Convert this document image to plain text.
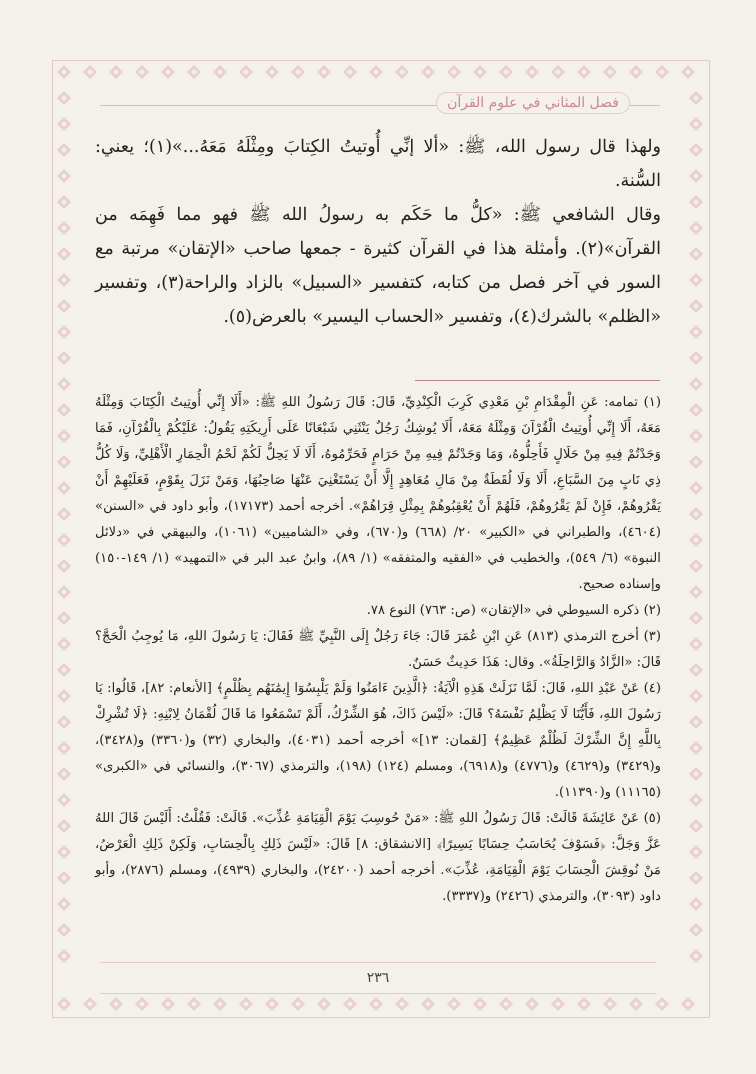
فصل المثاني في علوم القرآن

ولهذا قال رسول الله، ﷺ: «ألا إنِّي أُوتيتُ الكِتابَ ومِثْلَهُ مَعَهُ...»(١)؛ يعني: السُّنة.

وقال الشافعي ﷺ: «كلُّ ما حَكَم به رسولُ الله ﷺ فهو مما فَهِمَه من القرآن»(٢). وأمثلة هذا في القرآن كثيرة - جمعها صاحب «الإتقان» مرتبة مع السور في آخر فصل من كتابه، كتفسير «السبيل» بالزاد والراحة(٣)، وتفسير «الظلم» بالشرك(٤)، وتفسير «الحساب اليسير» بالعرض(٥).

(١) تمامه: عَنِ الْمِقْدَامِ بْنِ مَعْدِي كَرِبَ الْكِنْدِيِّ، قَالَ: قَالَ رَسُولُ اللهِ ﷺ: «أَلَا إِنِّي أُوتِيتُ الْكِتَابَ وَمِثْلَهُ مَعَهُ، أَلَا إِنِّي أُوتِيتُ الْقُرْآنَ وَمِثْلَهُ مَعَهُ، أَلَا يُوشِكُ رَجُلٌ يَنْثَنِي شَبْعَانًا عَلَى أَرِيكَتِهِ يَقُولُ: عَلَيْكُمْ بِالْقُرْآنِ، فَمَا وَجَدْتُمْ فِيهِ مِنْ حَلَالٍ فَأَحِلُّوهُ، وَمَا وَجَدْتُمْ فِيهِ مِنْ حَرَامٍ فَحَرِّمُوهُ، أَلَا لَا يَحِلُّ لَكُمْ لَحْمُ الْحِمَارِ الْأَهْلِيِّ، وَلَا كُلُّ ذِي نَابٍ مِنَ السَّبَاعِ، أَلَا وَلَا لُقَطَةٌ مِنْ مَالِ مُعَاهِدٍ إِلَّا أَنْ يَسْتَغْنِيَ عَنْهَا صَاحِبُهَا، وَمَنْ نَزَلَ بِقَوْمٍ، فَعَلَيْهِمْ أَنْ يَقْرُوهُمْ، فَإِنْ لَمْ يَقْرُوهُمْ، فَلَهُمْ أَنْ يُعْقِبُوهُمْ بِمِثْلِ قِرَاهُمْ». أخرجه أحمد (١٧١٧٣)، وأبو داود في «السنن» (٤٦٠٤)، والطبراني في «الكبير» ٢٠/ (٦٦٨) و(٦٧٠)، وفي «الشاميين» (١٠٦١)، والبيهقي في «دلائل النبوة» (٦/ ٥٤٩)، والخطيب في «الفقيه والمتفقه» (١/ ٨٩)، وابنُ عبد البر في «التمهيد» (١/ ١٤٩-١٥٠) وإسناده صحيح.

(٢) ذكره السيوطي في «الإتقان» (ص: ٧٦٣) النوع ٧٨.

(٣) أخرج الترمذي (٨١٣) عَنِ ابْنِ عُمَرَ قَالَ: جَاءَ رَجُلٌ إِلَى النَّبِيِّ ﷺ فَقَالَ: يَا رَسُولَ اللهِ، مَا يُوجِبُ الْحَجَّ؟ قَالَ: «الزَّادُ وَالرَّاحِلَةُ». وقال: هَذَا حَدِيثٌ حَسَنٌ.

(٤) عَنْ عَبْدِ اللهِ، قَالَ: لَمَّا نَزَلَتْ هَذِهِ الْآيَةُ: ﴿الَّذِينَ ءَامَنُوا وَلَمْ يَلْبِسُوٓا إِيمَٰنَهُم بِظُلْمٍ﴾ [الأنعام: ٨٢]، قَالُوا: يَا رَسُولَ اللهِ، فَأَيُّنَا لَا يَظْلِمُ نَفْسَهُ؟ قَالَ: «لَيْسَ ذَاكَ، هُوَ الشِّرْكُ، أَلَمْ تَسْمَعُوا مَا قَالَ لُقْمَانُ لِابْنِهِ: ﴿لَا تُشْرِكْ بِاللَّهِ إِنَّ الشِّرْكَ لَظُلْمٌ عَظِيمٌ﴾ [لقمان: ١٣]» أخرجه أحمد (٤٠٣١)، والبخاري (٣٢) و(٣٣٦٠) و(٣٤٢٨)، و(٣٤٢٩) و(٤٦٢٩) و(٤٧٧٦) و(٦٩١٨)، ومسلم (١٢٤) (١٩٨)، والترمذي (٣٠٦٧)، والنسائي في «الكبرى» (١١١٦٥) و(١١٣٩٠).

(٥) عَنْ عَائِشَةَ قَالَتْ: قَالَ رَسُولُ اللهِ ﷺ: «مَنْ حُوسِبَ يَوْمَ الْقِيَامَةِ عُذِّبَ». قَالَتْ: فَقُلْتُ: أَلَيْسَ قَالَ اللهُ عَزَّ وَجَلَّ: ﴿فَسَوْفَ يُحَاسَبُ حِسَابًا يَسِيرًا﴾ [الانشقاق: ٨] قَالَ: «لَيْسَ ذَلِكِ بِالْحِسَابِ، وَلَكِنْ ذَلِكِ الْعَرْضُ، مَنْ نُوقِشَ الْحِسَابَ يَوْمَ الْقِيَامَةِ، عُذِّبَ». أخرجه أحمد (٢٤٢٠٠)، والبخاري (٤٩٣٩)، ومسلم (٢٨٧٦)، وأبو داود (٣٠٩٣)، والترمذي (٢٤٢٦) و(٣٣٣٧).

٢٣٦
